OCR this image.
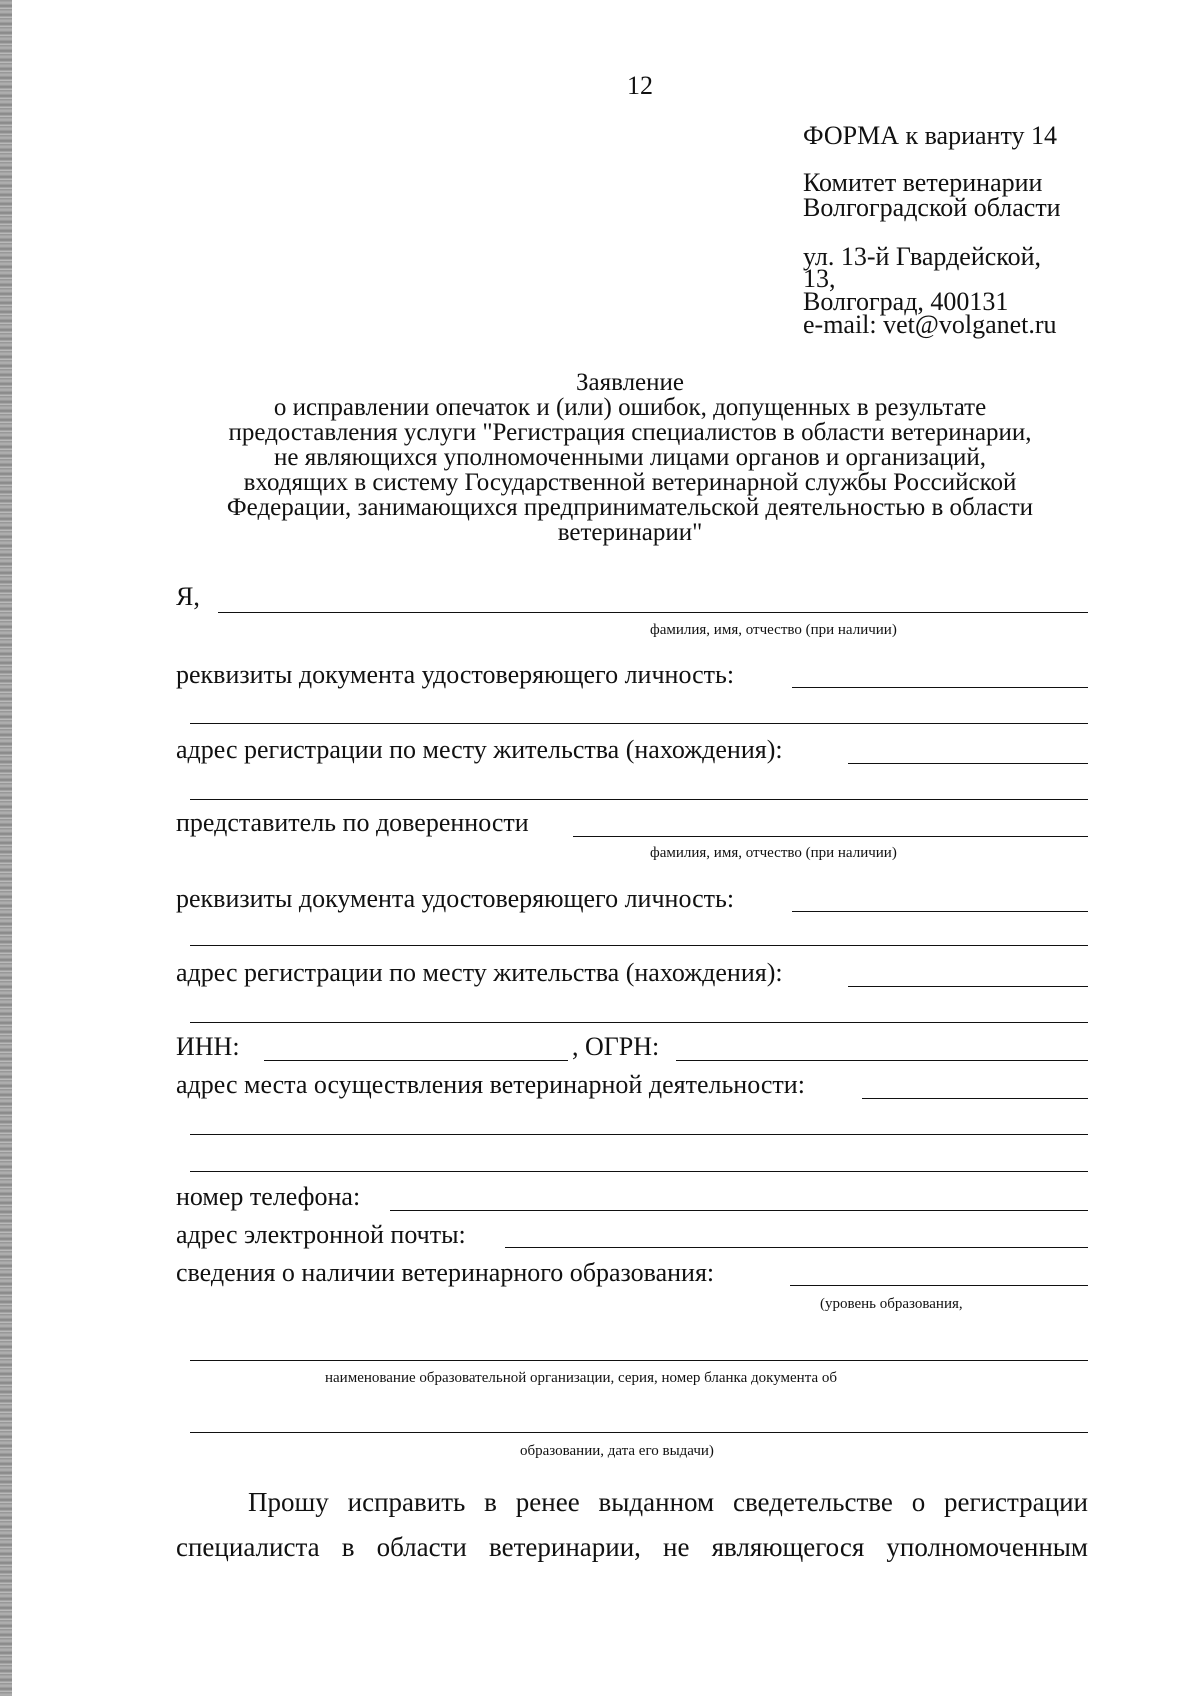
12
ФОРМА к варианту 14
Комитет ветеринарии
Волгоградской области
ул. 13-й Гвардейской,
13,
Волгоград, 400131
e-mail: vet@volganet.ru
Заявление
о исправлении опечаток и (или) ошибок, допущенных в результате
предоставления услуги "Регистрация специалистов в области ветеринарии,
не являющихся уполномоченными лицами органов и организаций,
входящих в систему Государственной ветеринарной службы Российской
Федерации, занимающихся предпринимательской деятельностью в области
ветеринарии"
Я,
фамилия, имя, отчество (при наличии)
реквизиты документа удостоверяющего личность:
адрес регистрации по месту жительства (нахождения):
представитель по доверенности
фамилия, имя, отчество (при наличии)
реквизиты документа удостоверяющего личность:
адрес регистрации по месту жительства (нахождения):
ИНН:	, ОГРН:
адрес места осуществления ветеринарной деятельности:
номер телефона:
адрес электронной почты:
сведения о наличии ветеринарного образования:
(уровень образования,
наименование образовательной организации, серия, номер бланка документа об
образовании, дата его выдачи)
Прошу исправить в ренее выданном сведетельстве о регистрации
специалиста в области ветеринарии, не являющегося уполномоченным
